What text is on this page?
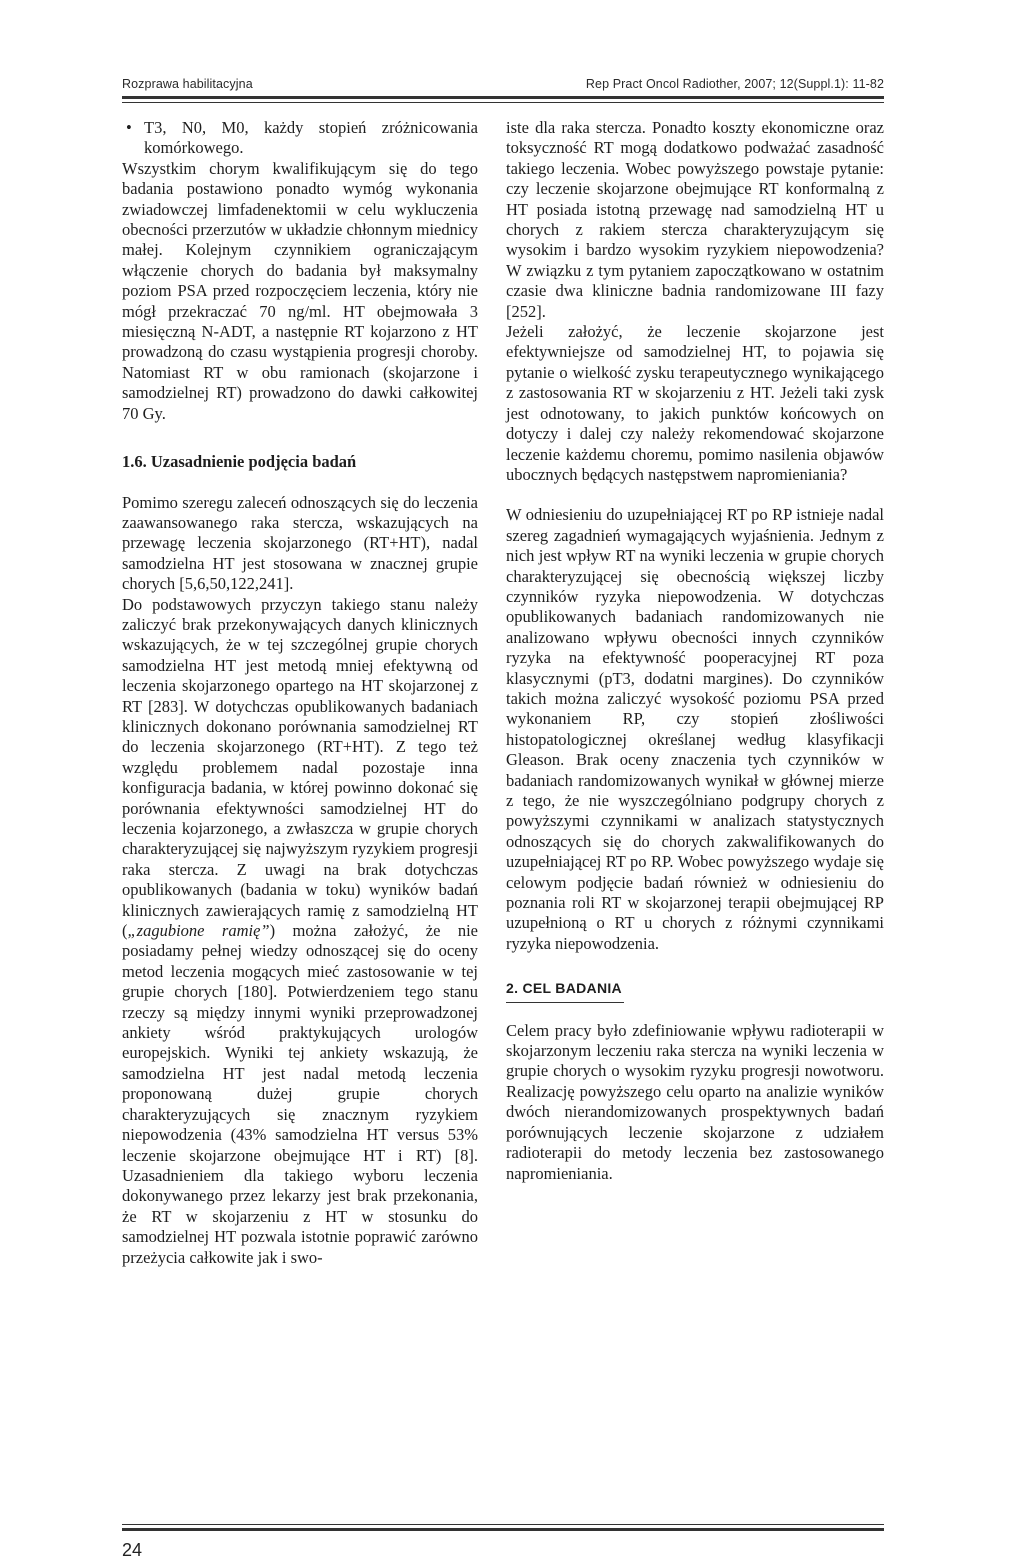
Rozprawa habilitacyjna	Rep Pract Oncol Radiother, 2007; 12(Suppl.1): 11-82

• T3, N0, M0, każdy stopień zróżnicowania komórkowego.

Wszystkim chorym kwalifikującym się do tego badania postawiono ponadto wymóg wykonania zwiadowczej limfadenektomii w celu wykluczenia obecności przerzutów w układzie chłonnym miednicy małej. Kolejnym czynnikiem ograniczającym włączenie chorych do badania był maksymalny poziom PSA przed rozpoczęciem leczenia, który nie mógł przekraczać 70 ng/ml. HT obejmowała 3 miesięczną N-ADT, a następnie RT kojarzono z HT prowadzoną do czasu wystąpienia progresji choroby. Natomiast RT w obu ramionach (skojarzone i samodzielnej RT) prowadzono do dawki całkowitej 70 Gy.

1.6. Uzasadnienie podjęcia badań

Pomimo szeregu zaleceń odnoszących się do leczenia zaawansowanego raka stercza, wskazujących na przewagę leczenia skojarzonego (RT+HT), nadal samodzielna HT jest stosowana w znacznej grupie chorych [5,6,50,122,241].

Do podstawowych przyczyn takiego stanu należy zaliczyć brak przekonywających danych klinicznych wskazujących, że w tej szczególnej grupie chorych samodzielna HT jest metodą mniej efektywną od leczenia skojarzonego opartego na HT skojarzonej z RT [283]. W dotychczas opublikowanych badaniach klinicznych dokonano porównania samodzielnej RT do leczenia skojarzonego (RT+HT). Z tego też względu problemem nadal pozostaje inna konfiguracja badania, w której powinno dokonać się porównania efektywności samodzielnej HT do leczenia kojarzonego, a zwłaszcza w grupie chorych charakteryzującej się najwyższym ryzykiem progresji raka stercza. Z uwagi na brak dotychczas opublikowanych (badania w toku) wyników badań klinicznych zawierających ramię z samodzielną HT („zagubione ramię”) można założyć, że nie posiadamy pełnej wiedzy odnoszącej się do oceny metod leczenia mogących mieć zastosowanie w tej grupie chorych [180]. Potwierdzeniem tego stanu rzeczy są między innymi wyniki przeprowadzonej ankiety wśród praktykujących urologów europejskich. Wyniki tej ankiety wskazują, że samodzielna HT jest nadal metodą leczenia proponowaną dużej grupie chorych charakteryzujących się znacznym ryzykiem niepowodzenia (43% samodzielna HT versus 53% leczenie skojarzone obejmujące HT i RT) [8]. Uzasadnieniem dla takiego wyboru leczenia dokonywanego przez lekarzy jest brak przekonania, że RT w skojarzeniu z HT w stosunku do samodzielnej HT pozwala istotnie poprawić zarówno przeżycia całkowite jak i swo-

iste dla raka stercza. Ponadto koszty ekonomiczne oraz toksyczność RT mogą dodatkowo podważać zasadność takiego leczenia. Wobec powyższego powstaje pytanie: czy leczenie skojarzone obejmujące RT konformalną z HT posiada istotną przewagę nad samodzielną HT u chorych z rakiem stercza charakteryzującym się wysokim i bardzo wysokim ryzykiem niepowodzenia? W związku z tym pytaniem zapoczątkowano w ostatnim czasie dwa kliniczne badnia randomizowane III fazy [252].

Jeżeli założyć, że leczenie skojarzone jest efektywniejsze od samodzielnej HT, to pojawia się pytanie o wielkość zysku terapeutycznego wynikającego z zastosowania RT w skojarzeniu z HT. Jeżeli taki zysk jest odnotowany, to jakich punktów końcowych on dotyczy i dalej czy należy rekomendować skojarzone leczenie każdemu choremu, pomimo nasilenia objawów ubocznych będących następstwem napromieniania?

W odniesieniu do uzupełniającej RT po RP istnieje nadal szereg zagadnień wymagających wyjaśnienia. Jednym z nich jest wpływ RT na wyniki leczenia w grupie chorych charakteryzującej się obecnością większej liczby czynników ryzyka niepowodzenia. W dotychczas opublikowanych badaniach randomizowanych nie analizowano wpływu obecności innych czynników ryzyka na efektywność pooperacyjnej RT poza klasycznymi (pT3, dodatni margines). Do czynników takich można zaliczyć wysokość poziomu PSA przed wykonaniem RP, czy stopień złośliwości histopatologicznej określanej według klasyfikacji Gleason. Brak oceny znaczenia tych czynników w badaniach randomizowanych wynikał w głównej mierze z tego, że nie wyszczególniano podgrupy chorych z powyższymi czynnikami w analizach statystycznych odnoszących się do chorych zakwalifikowanych do uzupełniającej RT po RP. Wobec powyższego wydaje się celowym podjęcie badań również w odniesieniu do poznania roli RT w skojarzonej terapii obejmującej RP uzupełnioną o RT u chorych z różnymi czynnikami ryzyka niepowodzenia.

2. CEL BADANIA

Celem pracy było zdefiniowanie wpływu radioterapii w skojarzonym leczeniu raka stercza na wyniki leczenia w grupie chorych o wysokim ryzyku progresji nowotworu. Realizację powyższego celu oparto na analizie wyników dwóch nierandomizowanych prospektywnych badań porównujących leczenie skojarzone z udziałem radioterapii do metody leczenia bez zastosowanego napromieniania.

24
